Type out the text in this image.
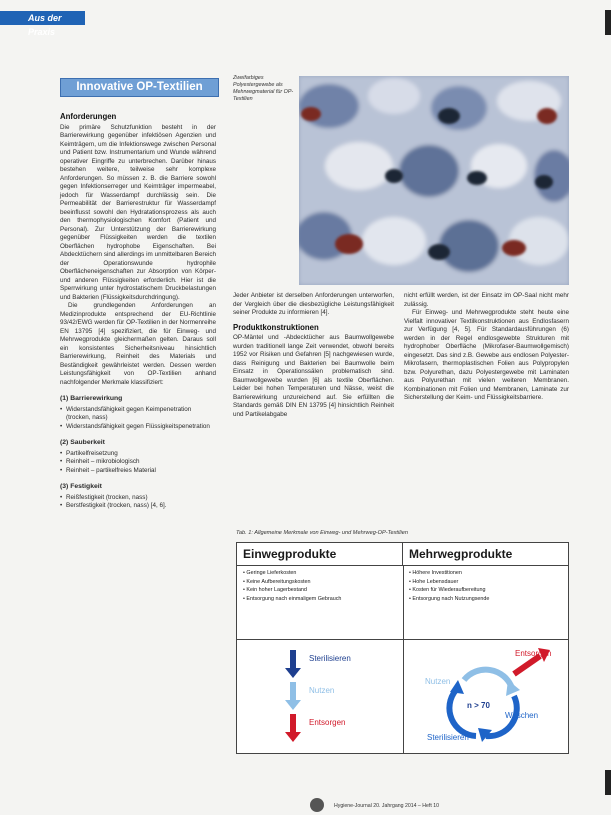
Aus der Praxis
Innovative OP-Textilien
Zweifarbiges Polyestergewebe als Mehrwegmaterial für OP-Textilien
Anforderungen

Die primäre Schutzfunktion besteht in der Barrierewirkung gegenüber infektiösen Agenzien und Keimträgern, um die Infektionswege zwischen Personal und Patient bzw. Instrumentarium und Wunde während operativer Eingriffe zu unterbrechen. Darüber hinaus bestehen weitere, teilweise sehr komplexe Anforderungen. So müssen z. B. die Barriere sowohl gegen Infektionserreger und Keimträger impermeabel, jedoch für Wasserdampf durchlässig sein. Die Permeabilität der Barrierestruktur für Wasserdampf beeinflusst sowohl den Hydratationsprozess als auch den thermophysiologischen Komfort (Patient und Personal). Zur Unterstützung der Barrierewirkung gegenüber Flüssigkeiten werden die textilen Oberflächen hydrophobe Eigenschaften. Bei Abdecktüchern sind allerdings im unmittelbaren Bereich der Operationswunde hydrophile Oberflächeneigenschaften zur Absorption von Körper- und anderen Flüssigkeiten erforderlich. Hier ist die Sperrwirkung unter hydrostatischem Druckbelastungen und Bakterien (Flüssigkeitsdurchdringung).

Die grundlegenden Anforderungen an Medizinprodukte entsprechend der EU-Richtlinie 93/42/EWG werden für OP-Textilien in der Normenreihe EN 13795 [4] spezifiziert, die für Einweg- und Mehrwegprodukte gleichermaßen gelten. Daraus soll ein konsistentes Sicherheitsniveau hinsichtlich Barrierewirkung, Reinheit des Materials und Beständigkeit gewährleistet werden. Dessen werden Leistungsfähigkeit von OP-Textilien anhand nachfolgender Merkmale klassifiziert:

(1) Barrierewirkung
• Widerstandsfähigkeit gegen Keimpenetration (trocken, nass)
• Widerstandsfähigkeit gegen Flüssigkeitspenetration
(2) Sauberkeit
• Partikelfreisetzung
• Reinheit – mikrobiologisch
• Reinheit – partikelfreies Material
(3) Festigkeit
• Reißfestigkeit (trocken, nass)
• Berstfestigkeit (trocken, nass) [4, 6].

Jeder Anbieter ist derselben Anforderungen unterworfen, der Vergleich über die diesbezügliche Leistungsfähigkeit seiner Produkte zu informieren [4].

Produktkonstruktionen

OP-Mäntel und -Abdecktücher aus Baumwollgewebe wurden traditionell lange Zeit verwendet, obwohl bereits 1952 vor Risiken und Gefahren [5] nachgewiesen wurde, dass Reinigung und Bakterien bei Baumwolle beim Einsatz in Operationssälen problematisch sind. Baumwollgewebe wurden [6] als textile Oberflächen. Leider bei hohen Temperaturen und Nässe, weist die Barrierewirkung unzureichend auf. Sie erfüllten die Standards gemäß DIN EN 13795 [4] hinsichtlich Reinheit und Partikelabgabe

nicht erfüllt werden, ist der Einsatz im OP-Saal nicht mehr zulässig.

Für Einweg- und Mehrwegprodukte steht heute eine Vielfalt innovativer Textilkonstruktionen aus Endlosfasern zur Verfügung [4, 5]. Für Standardausführungen (6) werden in der Regel endlosgewebte Strukturen mit hydrophober Oberfläche (Mikrofaser-Baumwollgemisch) eingesetzt. Das sind z.B. Gewebe aus endlosen Polyester-Mikrofasern, thermoplastischen Folien aus Polypropylen bzw. Polyurethan, dazu Polyestergewebe mit Laminaten aus Polyurethan mit vielen weiteren Membranen. Kombinationen mit Folien und Membranen, Laminate zur Sicherstellung der Keim- und Flüssigkeitsbarriere.

Tab. 1: Allgemeine Merkmale von Einweg- und Mehrweg-OP-Textilien
Einwegprodukte	Mehrwegprodukte
• Geringe Lieferkosten
• Keine Aufbereitungskosten
• Kein hoher Lagerbestand
• Entsorgung nach einmaligem Gebrauch
• Höhere Investitionen
• Hohe Lebensdauer
• Kosten für Wiederaufbereitung
• Entsorgung nach Nutzungsende
Sterilisieren
Nutzen
Entsorgen
Entsorgen
Nutzen
n > 70
Waschen
Sterilisieren
Hygiene-Journal 20. Jahrgang 2014 – Heft 10
